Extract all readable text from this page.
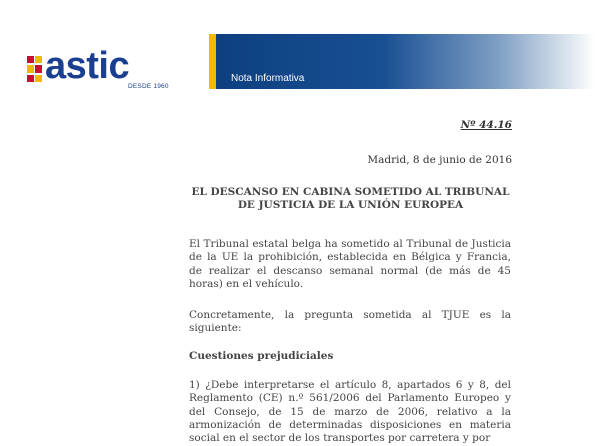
astic
DESDE 1960
Nota Informativa
Nº 44.16
Madrid, 8 de junio de 2016
EL DESCANSO EN CABINA SOMETIDO AL TRIBUNAL
DE JUSTICIA DE LA UNIÓN EUROPEA

El Tribunal estatal belga ha sometido al Tribunal de Justicia de la UE la prohibición, establecida en Bélgica y Francia, de realizar el descanso semanal normal (de más de 45 horas) en el vehículo.

Concretamente, la pregunta sometida al TJUE es la siguiente:

Cuestiones prejudiciales

1) ¿Debe interpretarse el artículo 8, apartados 6 y 8, del Reglamento (CE) n.º 561/2006 del Parlamento Europeo y del Consejo, de 15 de marzo de 2006, relativo a la armonización de determinadas disposiciones en materia social en el sector de los transportes por carretera y por
